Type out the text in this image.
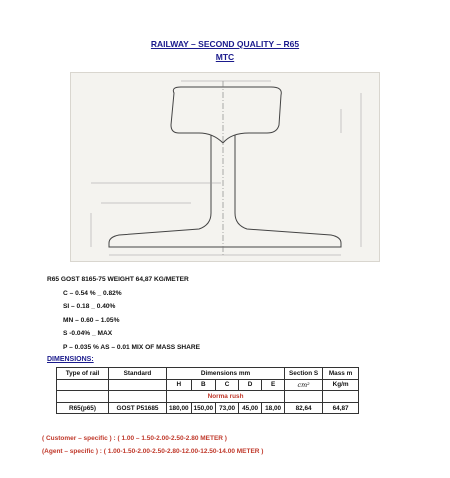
RAILWAY – SECOND QUALITY – R65
MTC
R65 GOST 8165-75 WEIGHT 64,87 KG/METER
C – 0.54 % _ 0.82%
SI – 0.18 _ 0.40%
MN – 0.60 – 1.05%
S -0.04% _ MAX
P – 0.035 % AS – 0.01 MIX OF MASS SHARE
DIMENSIONS:
Type of rail	Standard	Dimensions mm					Section S	Mass m
		H	B	C	D	E	cm²	Kg/m
		Norma rush						
R65(p65)	GOST P51685	180,00	150,00	73,00	45,00	18,00	82,64	64,87
( Customer – specific ) : ( 1.00 – 1.50-2.00-2.50-2.80 METER )
(Agent – specific ) : ( 1.00-1.50-2.00-2.50-2.80-12.00-12.50-14.00 METER )
